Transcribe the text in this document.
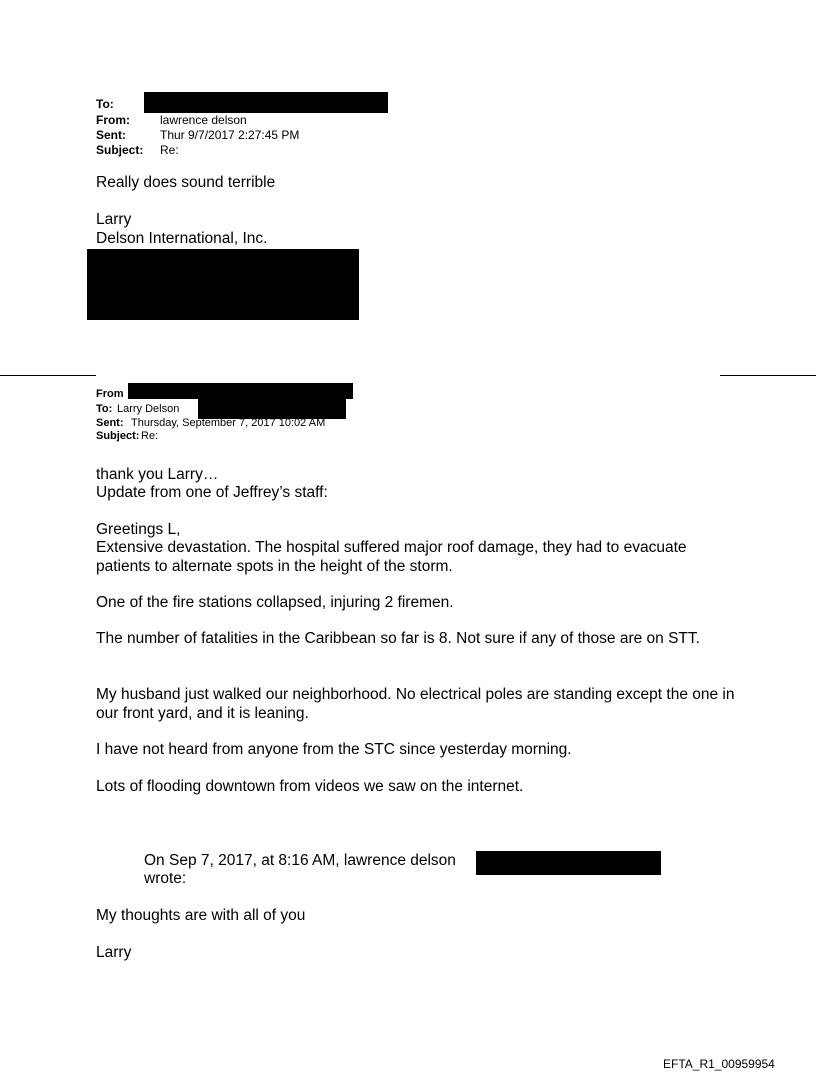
To:
From:	lawrence delson
Sent:	Thur 9/7/2017 2:27:45 PM
Subject: Re:
Really does sound terrible
Larry
Delson International, Inc.
From
To: Larry Delson
Sent: Thursday, September 7, 2017 10:02 AM
Subject: Re:
thank you Larry…
Update from one of Jeffrey’s staff:
Greetings L,
Extensive devastation. The hospital suffered major roof damage, they had to evacuate patients to alternate spots in the height of the storm.
One of the fire stations collapsed, injuring 2 firemen.
The number of fatalities in the Caribbean so far is 8. Not sure if any of those are on STT.
My husband just walked our neighborhood. No electrical poles are standing except the one in our front yard, and it is leaning.
I have not heard from anyone from the STC since yesterday morning.
Lots of flooding downtown from videos we saw on the internet.
On Sep 7, 2017, at 8:16 AM, lawrence delson
wrote:
My thoughts are with all of you
Larry
EFTA_R1_00959954
